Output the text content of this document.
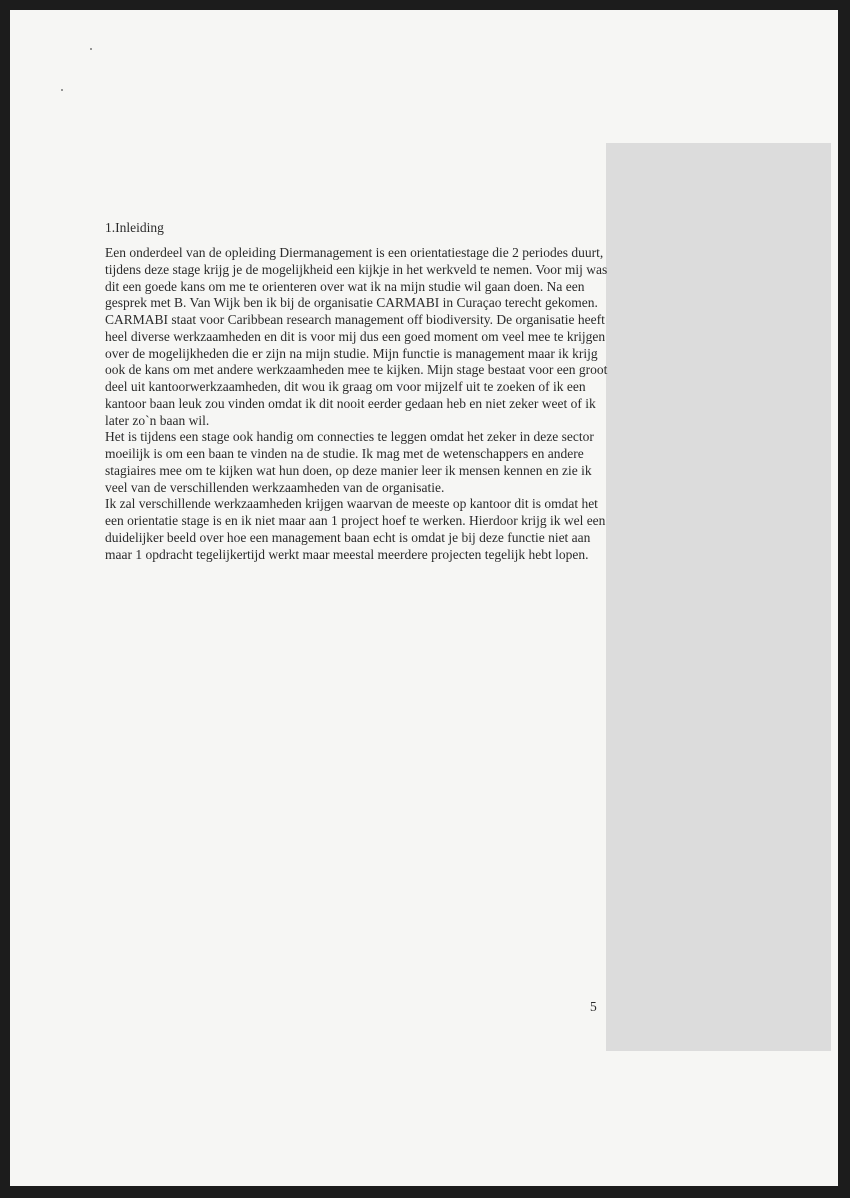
1.Inleiding
Een onderdeel van de opleiding Diermanagement is een orientatiestage die 2 periodes duurt,
tijdens deze stage krijg je de mogelijkheid een kijkje in het werkveld te nemen. Voor mij was
dit een goede kans om me te orienteren over wat ik na mijn studie wil gaan doen. Na een
gesprek met B. Van Wijk ben ik bij de organisatie CARMABI in Curaçao terecht gekomen.
CARMABI staat voor Caribbean research management off biodiversity. De organisatie heeft
heel diverse werkzaamheden en dit is voor mij dus een goed moment om veel mee te krijgen
over de mogelijkheden die er zijn na mijn studie. Mijn functie is management maar ik krijg
ook de kans om met andere werkzaamheden mee te kijken. Mijn stage bestaat voor een groot
deel uit kantoorwerkzaamheden, dit wou ik graag om voor mijzelf uit te zoeken of ik een
kantoor baan leuk zou vinden omdat ik dit nooit eerder gedaan heb en niet zeker weet of ik
later zo`n baan wil.
Het is tijdens een stage ook handig om connecties te leggen omdat het zeker in deze sector
moeilijk is om een baan te vinden na de studie. Ik mag met de wetenschappers en andere
stagiaires mee om te kijken wat hun doen, op deze manier leer ik mensen kennen en zie ik
veel van de verschillenden werkzaamheden van de organisatie.
Ik zal verschillende werkzaamheden krijgen waarvan de meeste op kantoor dit is omdat het
een orientatie stage is en ik niet maar aan 1 project hoef te werken. Hierdoor krijg ik wel een
duidelijker beeld over hoe een management baan echt is omdat je bij deze functie niet aan
maar 1 opdracht tegelijkertijd werkt maar meestal meerdere projecten tegelijk hebt lopen.
5
